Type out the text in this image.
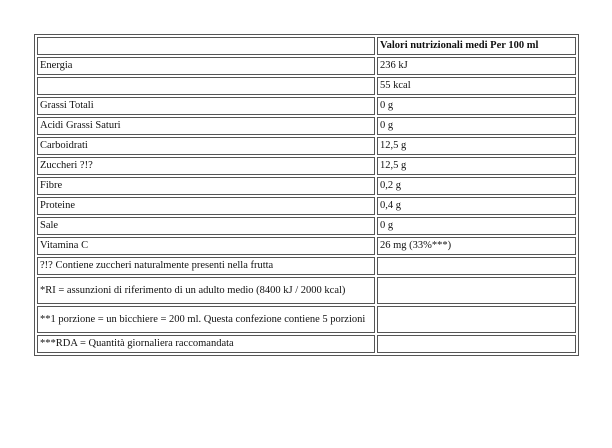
	Valori nutrizionali medi Per 100 ml
Energia	236 kJ
	55 kcal
Grassi Totali	0 g
Acidi Grassi Saturi	0 g
Carboidrati	12,5 g
Zuccheri ?!?	12,5 g
Fibre	0,2 g
Proteine	0,4 g
Sale	0 g
Vitamina C	26 mg (33%***)
?!? Contiene zuccheri naturalmente presenti nella frutta	
*RI = assunzioni di riferimento di un adulto medio (8400 kJ / 2000 kcal)	
**1 porzione = un bicchiere = 200 ml. Questa confezione contiene 5 porzioni	
***RDA = Quantità giornaliera raccomandata	
